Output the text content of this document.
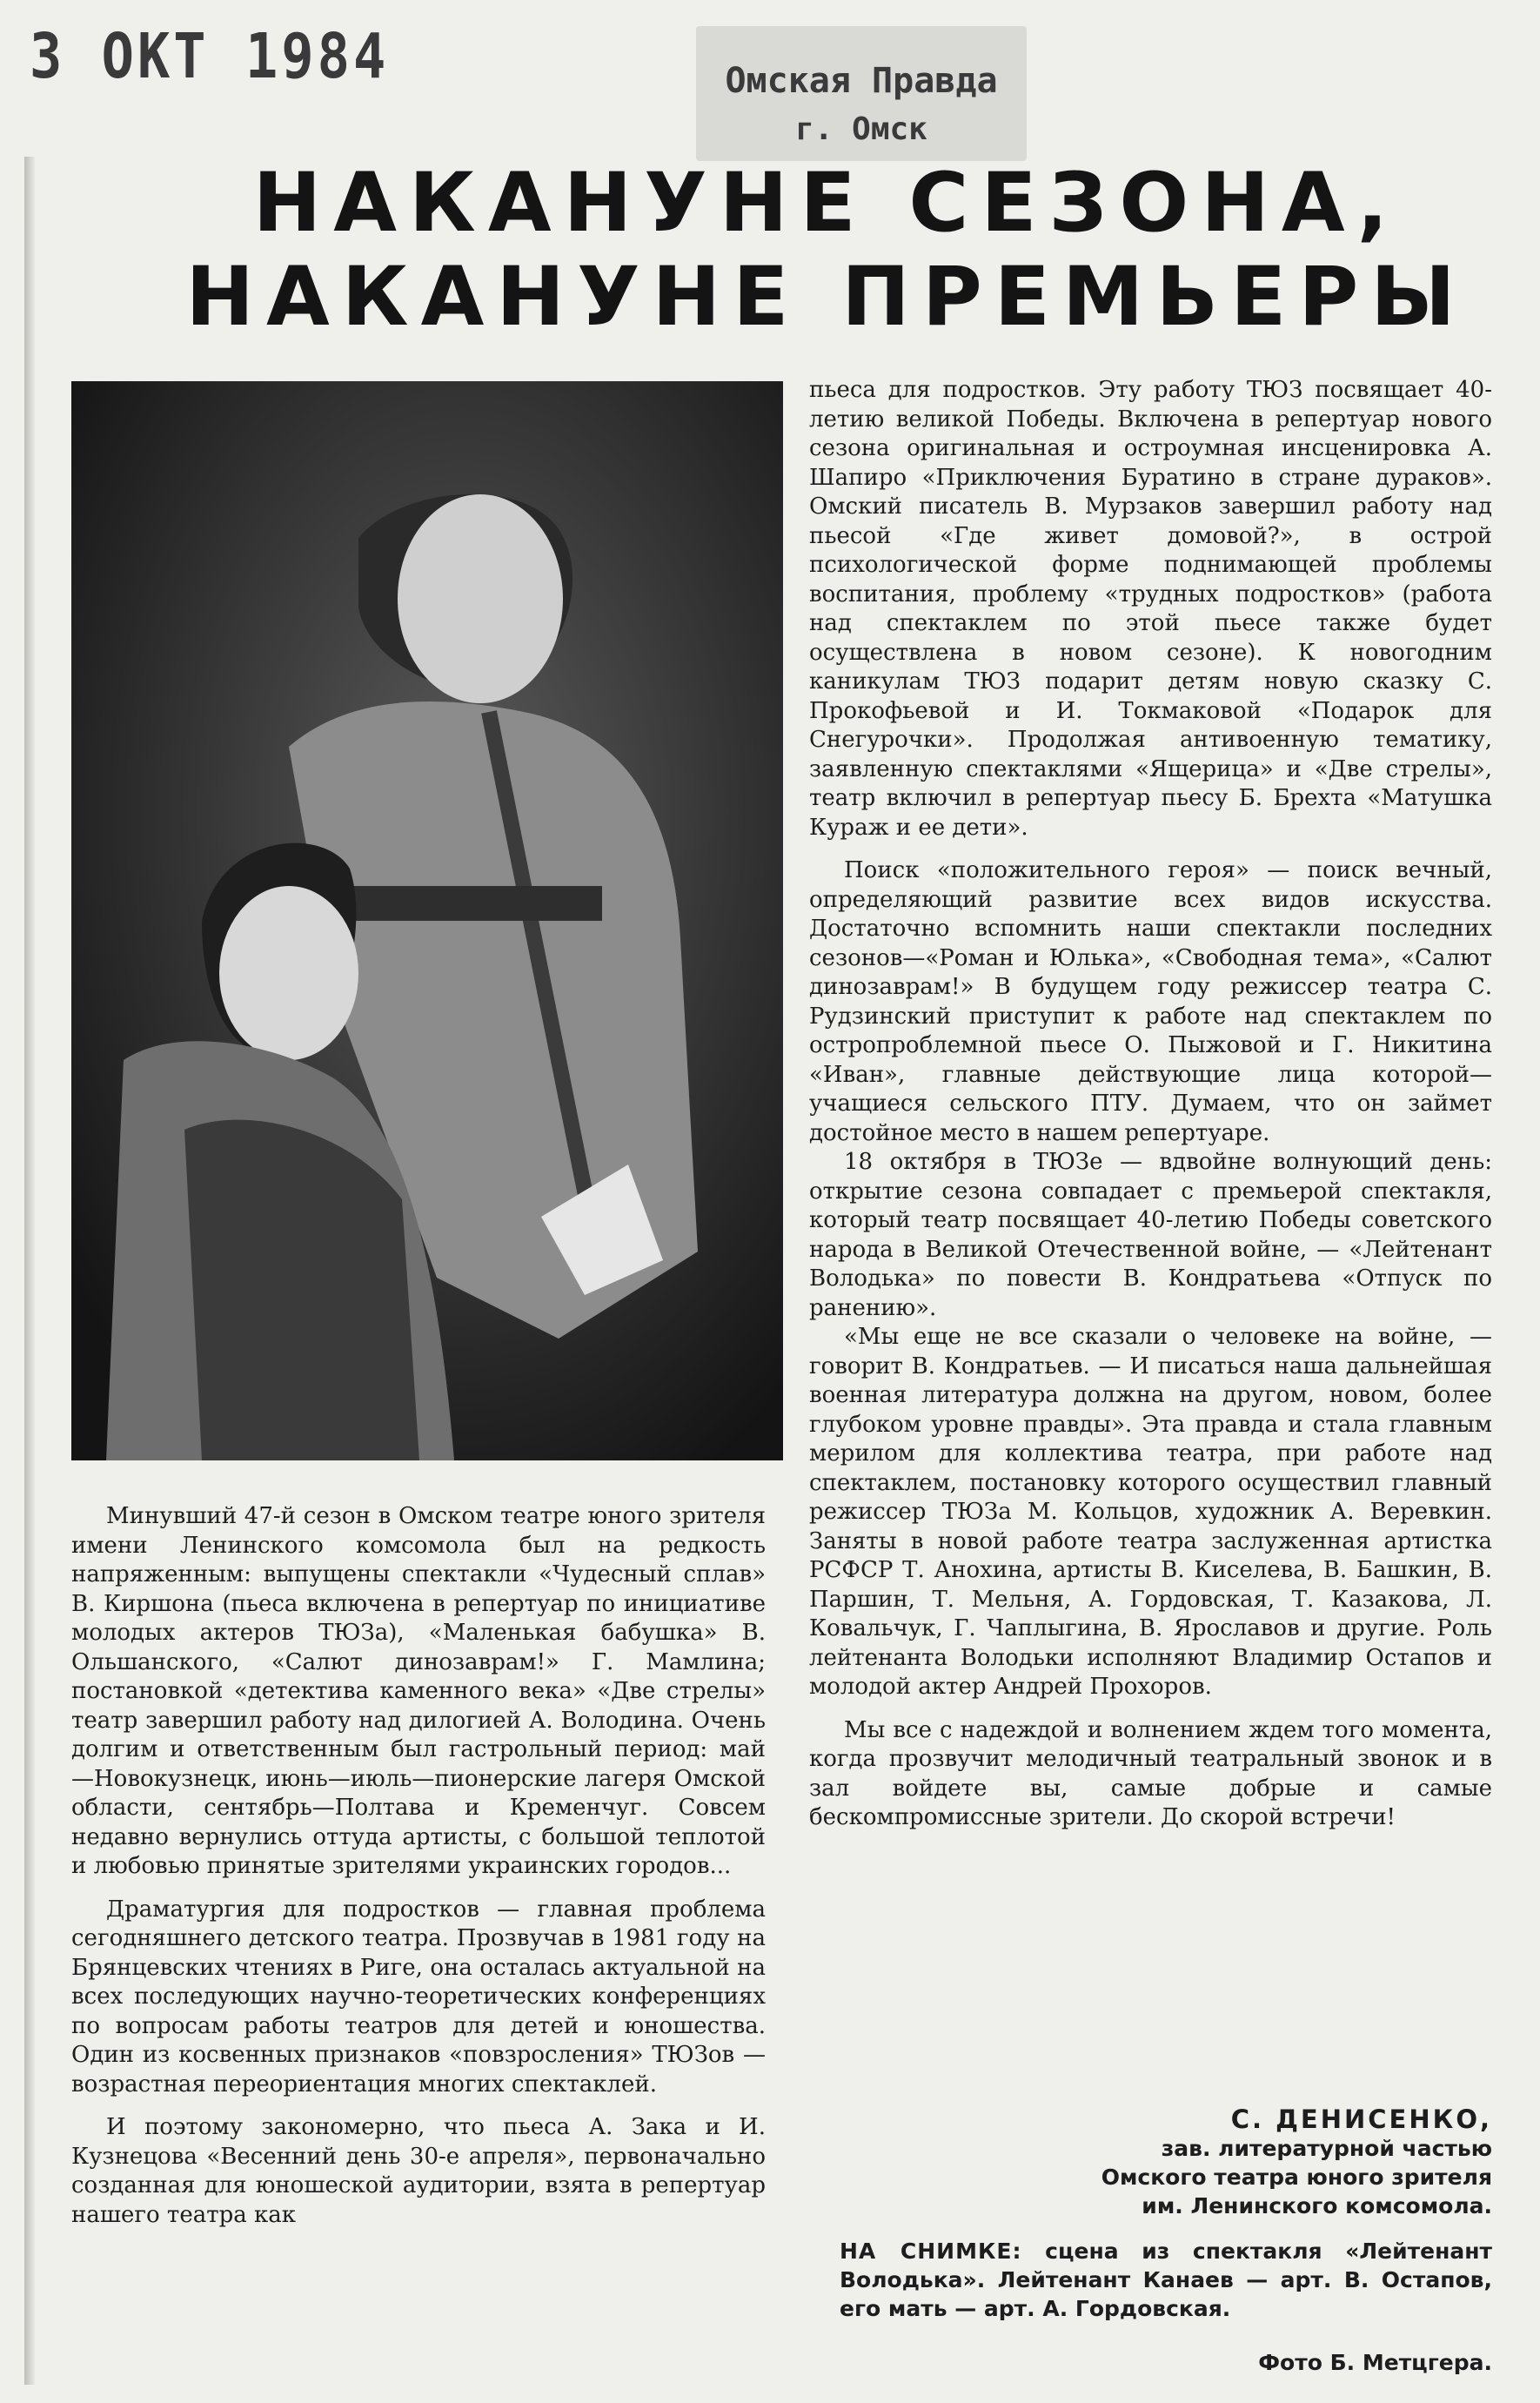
3 ОКТ 1984	Омская Правда
г. Омск
НАКАНУНЕ СЕЗОНА,
НАКАНУНЕ ПРЕМЬЕРЫ

Минувший 47-й сезон в Омском театре юного зрителя имени Ленинского комсомола был на редкость напряженным: выпущены спектакли «Чудесный сплав» В. Киршона (пьеса включена в репертуар по инициативе молодых актеров ТЮЗа), «Маленькая бабушка» В. Ольшанского, «Салют динозаврам!» Г. Мамлина; постановкой «детектива каменного века» «Две стрелы» театр завершил работу над дилогией А. Володина. Очень долгим и ответственным был гастрольный период: май —Новокузнецк, июнь—июль—пионерские лагеря Омской области, сентябрь—Полтава и Кременчуг. Совсем недавно вернулись оттуда артисты, с большой теплотой и любовью принятые зрителями украинских городов...

Драматургия для подростков — главная проблема сегодняшнего детского театра. Прозвучав в 1981 году на Брянцевских чтениях в Риге, она осталась актуальной на всех последующих научно-теоретических конференциях по вопросам работы театров для детей и юношества. Один из косвенных признаков «повзросления» ТЮЗов — возрастная переориентация многих спектаклей.

И поэтому закономерно, что пьеса А. Зака и И. Кузнецова «Весенний день 30-е апреля», первоначально созданная для юношеской аудитории, взята в репертуар нашего театра как

пьеса для подростков. Эту работу ТЮЗ посвящает 40-летию великой Победы. Включена в репертуар нового сезона оригинальная и остроумная инсценировка А. Шапиро «Приключения Буратино в стране дураков». Омский писатель В. Мурзаков завершил работу над пьесой «Где живет домовой?», в острой психологической форме поднимающей проблемы воспитания, проблему «трудных подростков» (работа над спектаклем по этой пьесе также будет осуществлена в новом сезоне). К новогодним каникулам ТЮЗ подарит детям новую сказку С. Прокофьевой и И. Токмаковой «Подарок для Снегурочки». Продолжая антивоенную тематику, заявленную спектаклями «Ящерица» и «Две стрелы», театр включил в репертуар пьесу Б. Брехта «Матушка Кураж и ее дети».

Поиск «положительного героя» — поиск вечный, определяющий развитие всех видов искусства. Достаточно вспомнить наши спектакли последних сезонов—«Роман и Юлька», «Свободная тема», «Салют динозаврам!» В будущем году режиссер театра С. Рудзинский приступит к работе над спектаклем по остропроблемной пьесе О. Пыжовой и Г. Никитина «Иван», главные действующие лица которой— учащиеся сельского ПТУ. Думаем, что он займет достойное место в нашем репертуаре.

18 октября в ТЮЗе — вдвойне волнующий день: открытие сезона совпадает с премьерой спектакля, который театр посвящает 40-летию Победы советского народа в Великой Отечественной войне, — «Лейтенант Володька» по повести В. Кондратьева «Отпуск по ранению».

«Мы еще не все сказали о человеке на войне, — говорит В. Кондратьев. — И писаться наша дальнейшая военная литература должна на другом, новом, более глубоком уровне правды». Эта правда и стала главным мерилом для коллектива театра, при работе над спектаклем, постановку которого осуществил главный режиссер ТЮЗа М. Кольцов, художник А. Веревкин. Заняты в новой работе театра заслуженная артистка РСФСР Т. Анохина, артисты В. Киселева, В. Башкин, В. Паршин, Т. Мельня, А. Гордовская, Т. Казакова, Л. Ковальчук, Г. Чаплыгина, В. Ярославов и другие. Роль лейтенанта Володьки исполняют Владимир Остапов и молодой актер Андрей Прохоров.

Мы все с надеждой и волнением ждем того момента, когда прозвучит мелодичный театральный звонок и в зал войдете вы, самые добрые и самые бескомпромиссные зрители. До скорой встречи!

С. ДЕНИСЕНКО,
зав. литературной частью
Омского театра юного зрителя
им. Ленинского комсомола.
НА СНИМКЕ: сцена из спектакля «Лейтенант Володька». Лейтенант Канаев — арт. В. Остапов, его мать — арт. А. Гордовская.
Фото Б. Метцгера.
